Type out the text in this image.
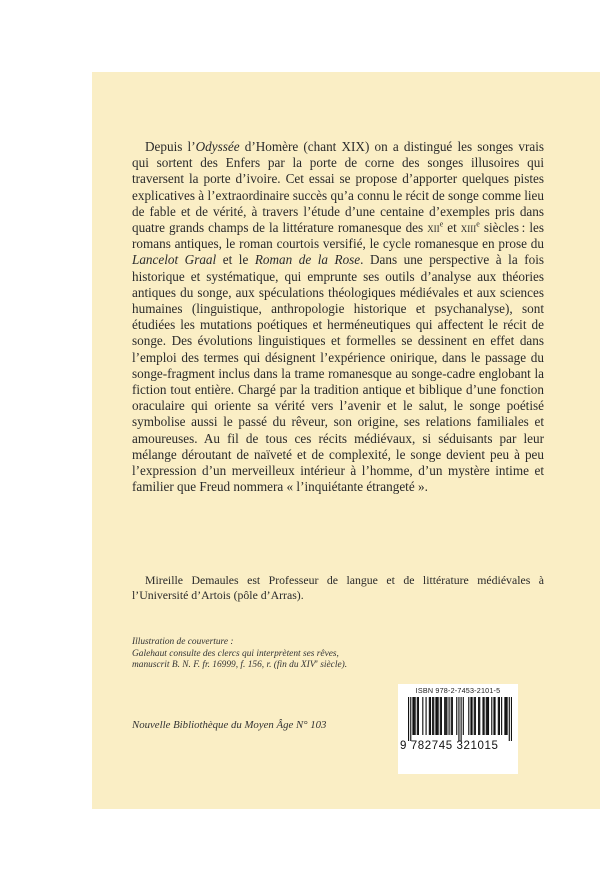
Depuis l’Odyssée d’Homère (chant XIX) on a distingué les songes vrais qui sortent des Enfers par la porte de corne des songes illusoires qui traversent la porte d’ivoire. Cet essai se propose d’apporter quelques pistes explicatives à l’extraordinaire succès qu’a connu le récit de songe comme lieu de fable et de vérité, à travers l’étude d’une centaine d’exemples pris dans quatre grands champs de la littérature romanesque des xii$^e$ et xiii$^e$ siècles : les romans antiques, le roman courtois versifié, le cycle romanesque en prose du Lancelot Graal et le Roman de la Rose. Dans une perspective à la fois historique et systématique, qui emprunte ses outils d’analyse aux théories antiques du songe, aux spéculations théologiques médiévales et aux sciences humaines (linguistique, anthropologie historique et psychanalyse), sont étudiées les mutations poétiques et herméneutiques qui affectent le récit de songe. Des évolutions linguistiques et formelles se dessinent en effet dans l’emploi des termes qui désignent l’expérience onirique, dans le passage du songe-fragment inclus dans la trame romanesque au songe-cadre englobant la fiction tout entière. Chargé par la tradition antique et biblique d’une fonction oraculaire qui oriente sa vérité vers l’avenir et le salut, le songe poétisé symbolise aussi le passé du rêveur, son origine, ses relations familiales et amoureuses. Au fil de tous ces récits médiévaux, si séduisants par leur mélange déroutant de naïveté et de complexité, le songe devient peu à peu l’expression d’un merveilleux intérieur à l’homme, d’un mystère intime et familier que Freud nommera « l’inquiétante étrangeté ».

Mireille Demaules est Professeur de langue et de littérature médiévales à l’Université d’Artois (pôle d’Arras).
Illustration de couverture :
Galehaut consulte des clercs qui interprètent ses rêves,
manuscrit B. N. F. fr. 16999, f. 156, r. (fin du XIVe siècle).
Nouvelle Bibliothèque du Moyen Âge N° 103
ISBN 978-2-7453-2101-5
9 782745 321015
